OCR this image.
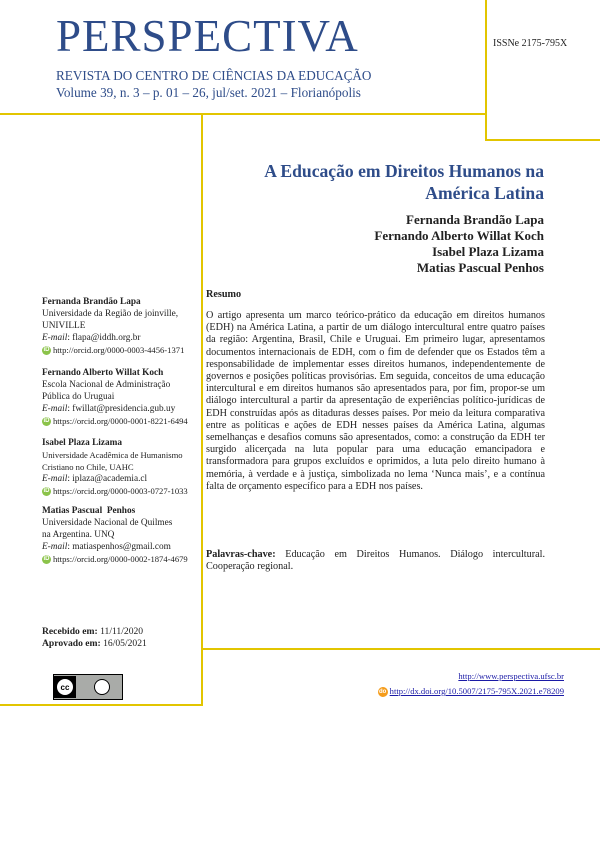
PERSPECTIVA
REVISTA DO CENTRO DE CIÊNCIAS DA EDUCAÇÃO
Volume 39, n. 3 – p. 01 – 26, jul/set. 2021 – Florianópolis
ISSNe 2175-795X
A Educação em Direitos Humanos na
América Latina
Fernanda Brandão Lapa
Fernando Alberto Willat Koch
Isabel Plaza Lizama
Matias Pascual Penhos
Fernanda Brandão Lapa
Universidade da Região de joinville,
UNIVILLE
E-mail: flapa@iddh.org.br
iD http://orcid.org/0000-0003-4456-1371
Fernando Alberto Willat Koch
Escola Nacional de Administração
Pública do Uruguai
E-mail: fwillat@presidencia.gub.uy
iD https://orcid.org/0000-0001-8221-6494
Isabel Plaza Lizama
Universidade Acadêmica de Humanismo
Cristiano no Chile, UAHC
E-mail: iplaza@academia.cl
iD https://orcid.org/0000-0003-0727-1033
Matias Pascual  Penhos
Universidade Nacional de Quilmes
na Argentina. UNQ
E-mail: matiaspenhos@gmail.com
iD https://orcid.org/0000-0002-1874-4679
Resumo
O artigo apresenta um marco teórico-prático da educação em direitos humanos (EDH) na América Latina, a partir de um diálogo intercultural entre quatro países da região: Argentina, Brasil, Chile e Uruguai. Em primeiro lugar, apresentamos documentos internacionais de EDH, com o fim de defender que os Estados têm a responsabilidade de implementar esses direitos humanos, independentemente de governos e posições políticas provisórias. Em seguida, conceitos de uma educação intercultural e em direitos humanos são apresentados para, por fim, propor-se um diálogo intercultural a partir da apresentação de experiências político-jurídicas de EDH construídas após as ditaduras desses países. Por meio da leitura comparativa entre as políticas e ações de EDH nesses países da América Latina, algumas semelhanças e desafios comuns são apresentados, como: a construção da EDH ter surgido alicerçada na luta popular para uma educação emancipadora e transformadora para grupos excluídos e oprimidos, a luta pelo direito humano à memória, à verdade e à justiça, simbolizada no lema ‘Nunca mais’, e a contínua falta de orçamento específico para a EDH nos países.
Palavras-chave: Educação em Direitos Humanos. Diálogo intercultural. Cooperação regional.
Recebido em: 11/11/2020
Aprovado em: 16/05/2021
http://www.perspectiva.ufsc.br
do http://dx.doi.org/10.5007/2175-795X.2021.e78209
cc
